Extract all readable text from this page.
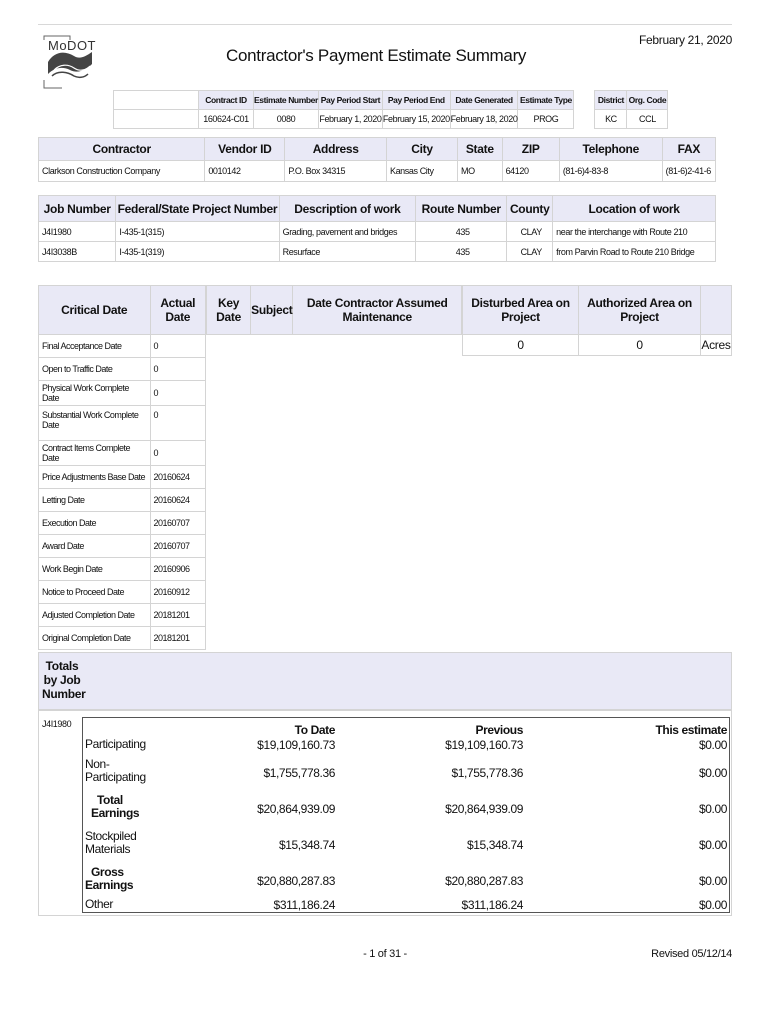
MoDOT
Contractor's Payment Estimate Summary
February 21, 2020
	Contract ID	Estimate Number	Pay Period Start	Pay Period End	Date Generated	Estimate Type		District	Org. Code
	160624-C01	0080	February 1, 2020	February 15, 2020	February 18, 2020	PROG		KC	CCL
Contractor	Vendor ID	Address	City	State	ZIP	Telephone	FAX
Clarkson Construction Company	0010142	P.O. Box 34315	Kansas City	MO	64120	(81-6)4-83-8	(81-6)2-41-6
Job Number	Federal/State Project Number	Description of work	Route Number	County	Location of work
J4I1980	I-435-1(315)	Grading, pavement and bridges	435	CLAY	near the interchange with Route 210
J4I3038B	I-435-1(319)	Resurface	435	CLAY	from Parvin Road to Route 210 Bridge
Critical Date	Actual Date
Final Acceptance Date	0
Open to Traffic Date	0
Physical Work Complete Date	0
Substantial Work Complete Date	0
Contract Items Complete Date	0
Price Adjustments Base Date	20160624
Letting Date	20160624
Execution Date	20160707
Award Date	20160707
Work Begin Date	20160906
Notice to Proceed Date	20160912
Adjusted Completion Date	20181201
Original Completion Date	20181201
Key Date	Subject	Date Contractor Assumed Maintenance
Disturbed Area on Project	Authorized Area on Project	
0	0	Acres
Totals by Job Number
J4I1980	To Date	Previous	This estimate
Participating	$19,109,160.73	$19,109,160.73	$0.00
Non-Participating	$1,755,778.36	$1,755,778.36	$0.00
Total Earnings	$20,864,939.09	$20,864,939.09	$0.00
Stockpiled Materials	$15,348.74	$15,348.74	$0.00
Gross Earnings	$20,880,287.83	$20,880,287.83	$0.00
Other	$311,186.24	$311,186.24	$0.00
- 1 of 31 -	Revised 05/12/14
